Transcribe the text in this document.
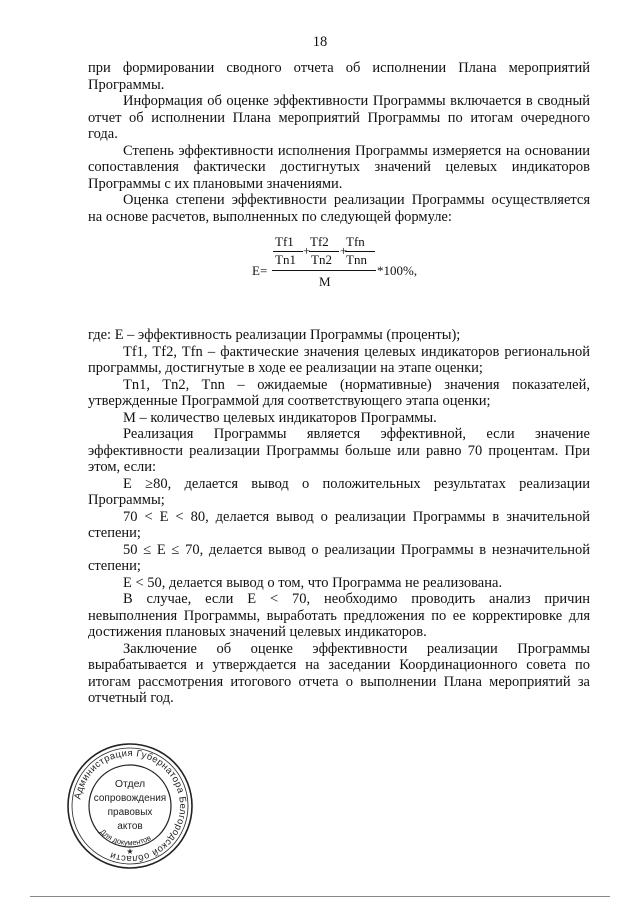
18

при формировании сводного отчета об исполнении Плана мероприятий Программы.

Информация об оценке эффективности Программы включается в сводный отчет об исполнении Плана мероприятий Программы по итогам очередного года.

Степень эффективности исполнения Программы измеряется на основании сопоставления фактически достигнутых значений целевых индикаторов Программы с их плановыми значениями.

Оценка степени эффективности реализации Программы осуществляется на основе расчетов, выполненных по следующей формуле:

Tf1
Tn1
+
Tf2
Tn2
+
Tfn
Tnn
E=	*100%,
M

где: E – эффективность реализации Программы (проценты);

Tf1, Tf2, Tfn – фактические значения целевых индикаторов региональной программы, достигнутые в ходе ее реализации на этапе оценки;

Tn1, Tn2, Tnn – ожидаемые (нормативные) значения показателей, утвержденные Программой для соответствующего этапа оценки;

M – количество целевых индикаторов Программы.

Реализация Программы является эффективной, если значение эффективности реализации Программы больше или равно 70 процентам. При этом, если:

E ≥80, делается вывод о положительных результатах реализации Программы;

70 < E < 80, делается вывод о реализации Программы в значительной степени;

50 ≤ E ≤ 70, делается вывод о реализации Программы в незначительной степени;

E < 50, делается вывод о том, что Программа не реализована.

В случае, если E < 70, необходимо проводить анализ причин невыполнения Программы, выработать предложения по ее корректировке для достижения плановых значений целевых индикаторов.

Заключение об оценке эффективности реализации Программы вырабатывается и утверждается на заседании Координационного совета по итогам рассмотрения итогового отчета о выполнении Плана мероприятий за отчетный год.

Администрация Губернатора Белгородской области
Отдел
сопровождения
правовых
актов
Для документов
★
